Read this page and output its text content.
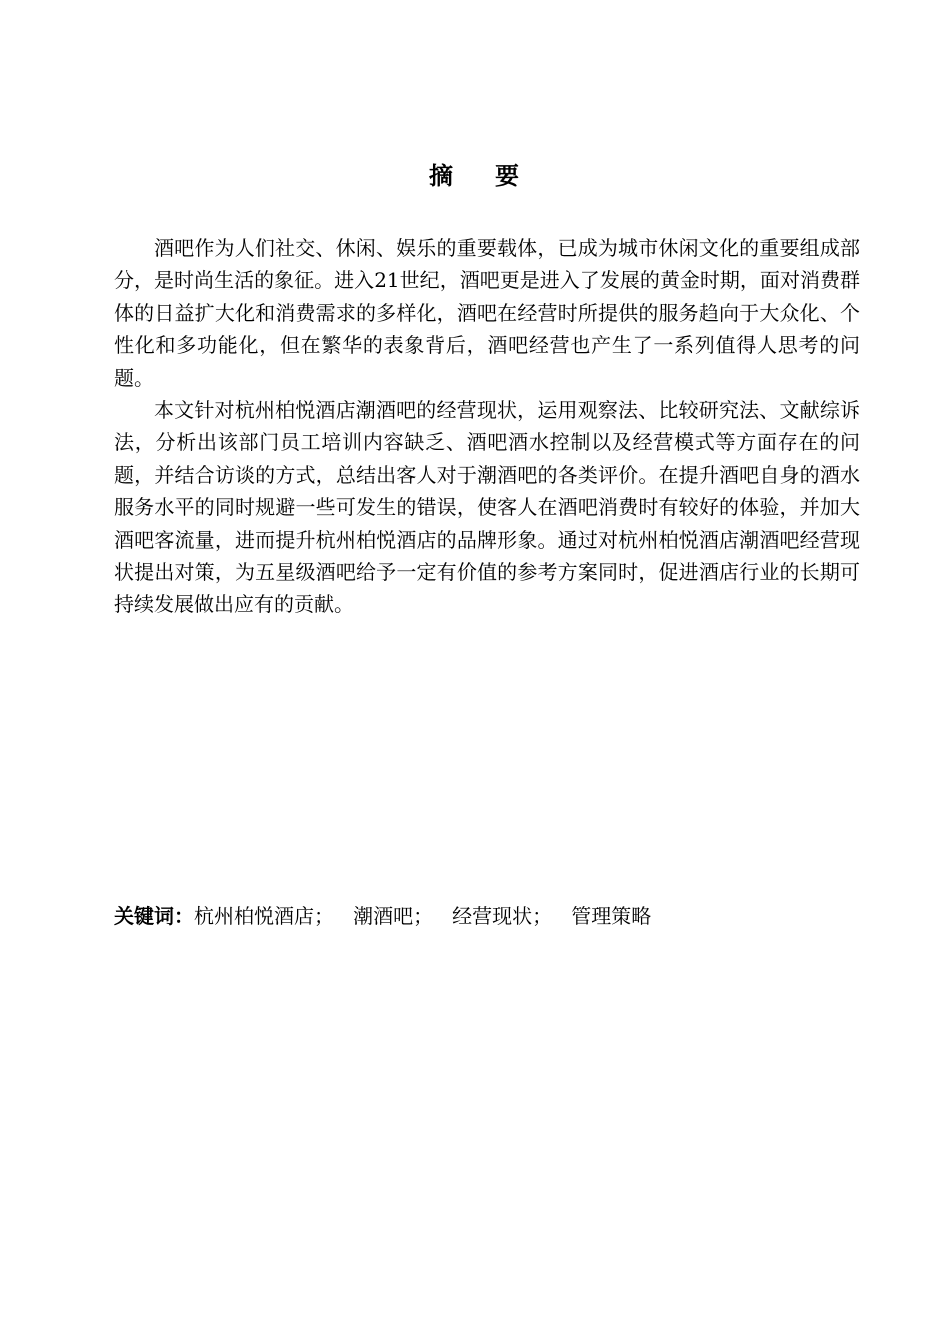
摘 要

酒吧作为人们社交、休闲、娱乐的重要载体，已成为城市休闲文化的重要组成部分，是时尚生活的象征。进入21世纪，酒吧更是进入了发展的黄金时期，面对消费群体的日益扩大化和消费需求的多样化，酒吧在经营时所提供的服务趋向于大众化、个性化和多功能化，但在繁华的表象背后，酒吧经营也产生了一系列值得人思考的问题。

本文针对杭州柏悦酒店潮酒吧的经营现状，运用观察法、比较研究法、文献综诉法，分析出该部门员工培训内容缺乏、酒吧酒水控制以及经营模式等方面存在的问题，并结合访谈的方式，总结出客人对于潮酒吧的各类评价。在提升酒吧自身的酒水服务水平的同时规避一些可发生的错误，使客人在酒吧消费时有较好的体验，并加大酒吧客流量，进而提升杭州柏悦酒店的品牌形象。通过对杭州柏悦酒店潮酒吧经营现状提出对策，为五星级酒吧给予一定有价值的参考方案同时，促进酒店行业的长期可持续发展做出应有的贡献。

关键词：杭州柏悦酒店； 潮酒吧； 经营现状； 管理策略
